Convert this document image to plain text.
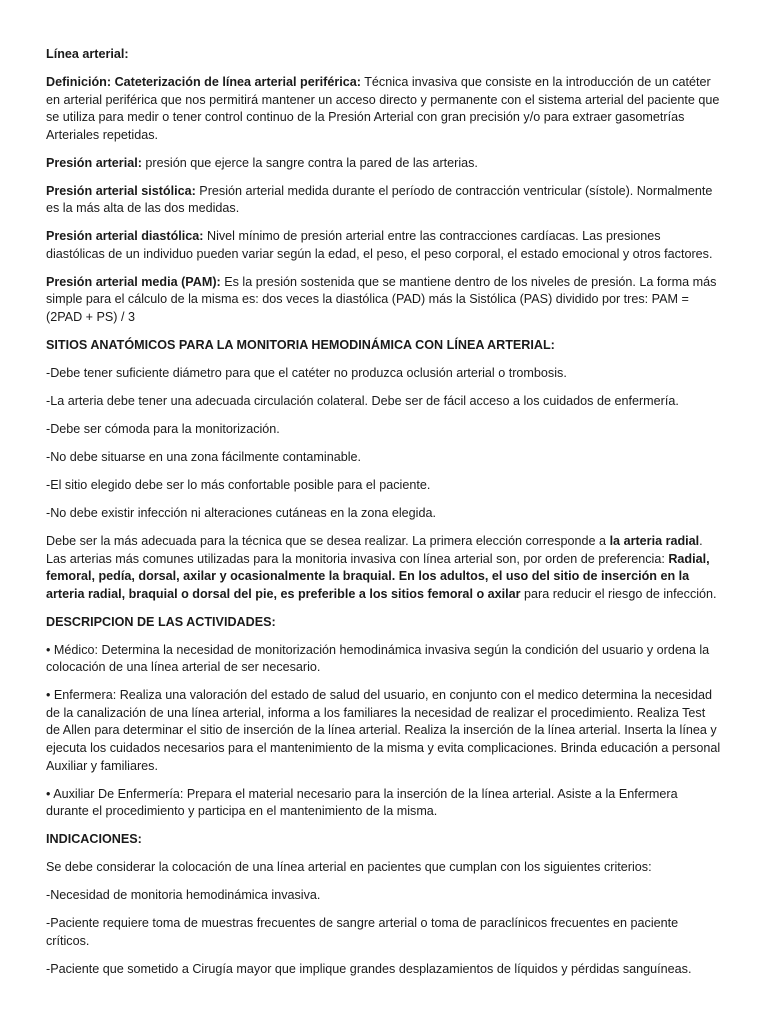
Línea arterial:

Definición: Cateterización de línea arterial periférica: Técnica invasiva que consiste en la introducción de un catéter en arterial periférica que nos permitirá mantener un acceso directo y permanente con el sistema arterial del paciente que se utiliza para medir o tener control continuo de la Presión Arterial con gran precisión y/o para extraer gasometrías Arteriales repetidas.

Presión arterial: presión que ejerce la sangre contra la pared de las arterias.

Presión arterial sistólica: Presión arterial medida durante el período de contracción ventricular (sístole). Normalmente es la más alta de las dos medidas.

Presión arterial diastólica: Nivel mínimo de presión arterial entre las contracciones cardíacas. Las presiones diastólicas de un individuo pueden variar según la edad, el peso, el peso corporal, el estado emocional y otros factores.

Presión arterial media (PAM): Es la presión sostenida que se mantiene dentro de los niveles de presión. La forma más simple para el cálculo de la misma es: dos veces la diastólica (PAD) más la Sistólica (PAS) dividido por tres: PAM = (2PAD + PS) / 3

SITIOS ANATÓMICOS PARA LA MONITORIA HEMODINÁMICA CON LÍNEA ARTERIAL:

-Debe tener suficiente diámetro para que el catéter no produzca oclusión arterial o trombosis.

-La arteria debe tener una adecuada circulación colateral. Debe ser de fácil acceso a los cuidados de enfermería.

-Debe ser cómoda para la monitorización.

-No debe situarse en una zona fácilmente contaminable.

-El sitio elegido debe ser lo más confortable posible para el paciente.

-No debe existir infección ni alteraciones cutáneas en la zona elegida.

Debe ser la más adecuada para la técnica que se desea realizar. La primera elección corresponde a la arteria radial. Las arterias más comunes utilizadas para la monitoria invasiva con línea arterial son, por orden de preferencia: Radial, femoral, pedía, dorsal, axilar y ocasionalmente la braquial. En los adultos, el uso del sitio de inserción en la arteria radial, braquial o dorsal del pie, es preferible a los sitios femoral o axilar para reducir el riesgo de infección.

DESCRIPCION DE LAS ACTIVIDADES:

• Médico: Determina la necesidad de monitorización hemodinámica invasiva según la condición del usuario y ordena la colocación de una línea arterial de ser necesario.

• Enfermera: Realiza una valoración del estado de salud del usuario, en conjunto con el medico determina la necesidad de la canalización de una línea arterial, informa a los familiares la necesidad de realizar el procedimiento. Realiza Test de Allen para determinar el sitio de inserción de la línea arterial. Realiza la inserción de la línea arterial. Inserta la línea y ejecuta los cuidados necesarios para el mantenimiento de la misma y evita complicaciones. Brinda educación a personal Auxiliar y familiares.

• Auxiliar De Enfermería: Prepara el material necesario para la inserción de la línea arterial. Asiste a la Enfermera durante el procedimiento y participa en el mantenimiento de la misma.

INDICACIONES:

Se debe considerar la colocación de una línea arterial en pacientes que cumplan con los siguientes criterios:

-Necesidad de monitoria hemodinámica invasiva.

-Paciente requiere toma de muestras frecuentes de sangre arterial o toma de paraclínicos frecuentes en paciente críticos.

-Paciente que sometido a Cirugía mayor que implique grandes desplazamientos de líquidos y pérdidas sanguíneas.
